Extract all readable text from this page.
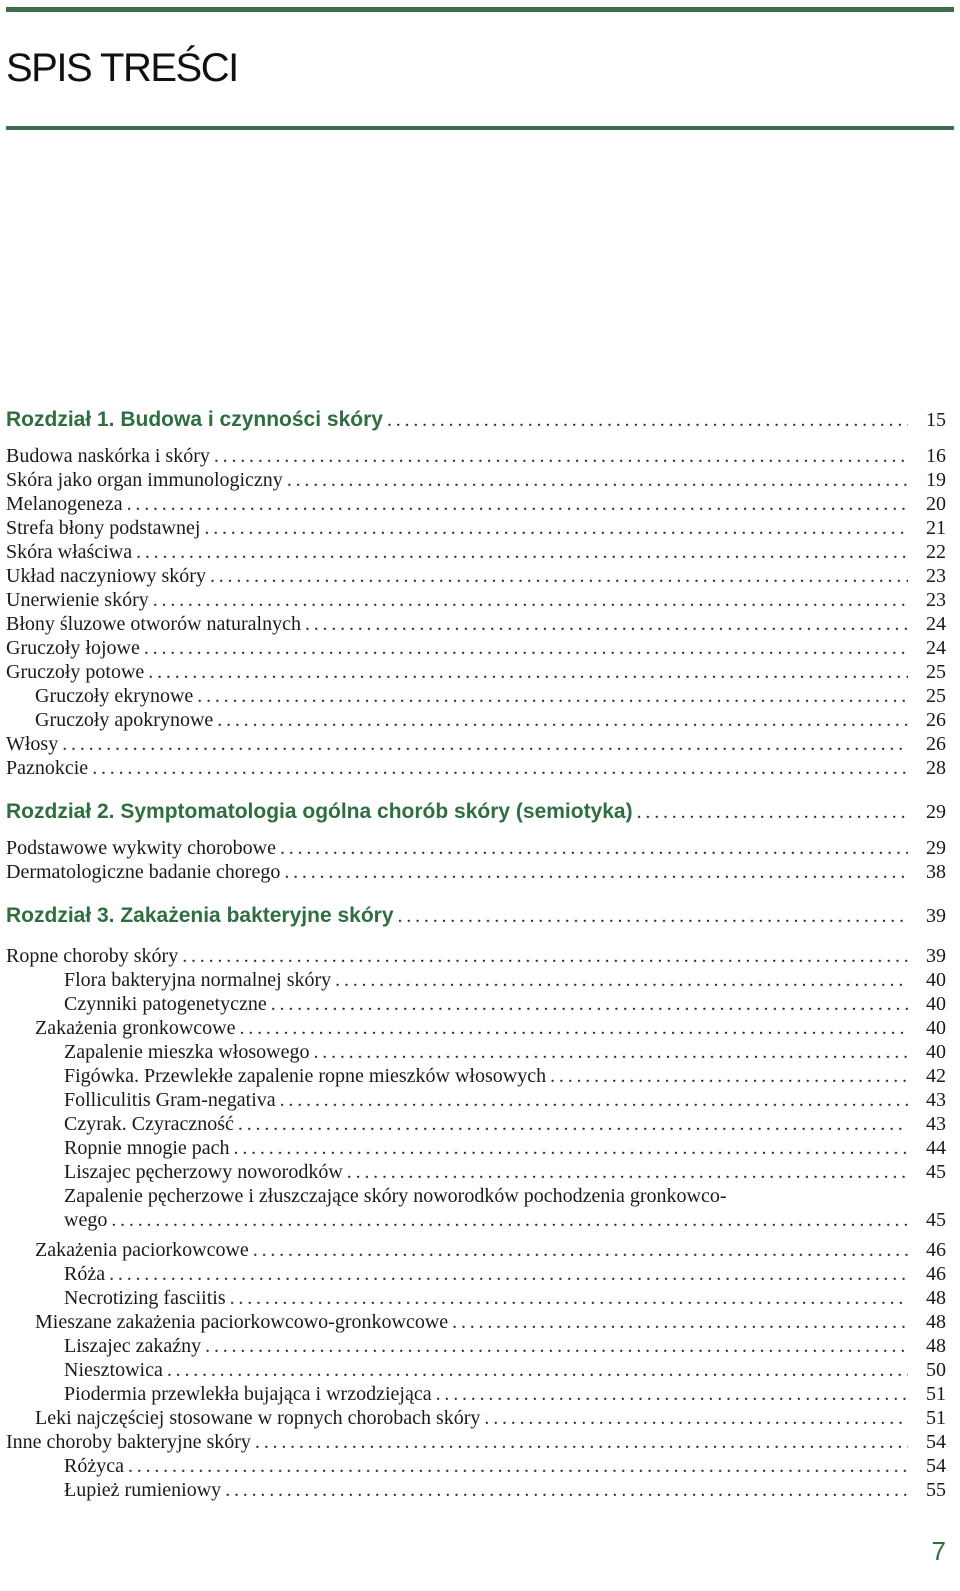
SPIS TREŚCI
Rozdział 1. Budowa i czynności skóry . . .	15
Budowa naskórka i skóry . . .	16
Skóra jako organ immunologiczny . . .	19
Melanogeneza . . .	20
Strefa błony podstawnej . . .	21
Skóra właściwa . . .	22
Układ naczyniowy skóry . . .	23
Unerwienie skóry . . .	23
Błony śluzowe otworów naturalnych . . .	24
Gruczoły łojowe . . .	24
Gruczoły potowe . . .	25
Gruczoły ekrynowe . . .	25
Gruczoły apokrynowe . . .	26
Włosy . . .	26
Paznokcie . . .	28
Rozdział 2. Symptomatologia ogólna chorób skóry (semiotyka) . . .	29
Podstawowe wykwity chorobowe . . .	29
Dermatologiczne badanie chorego . . .	38
Rozdział 3. Zakażenia bakteryjne skóry . . .	39
Ropne choroby skóry . . .	39
Flora bakteryjna normalnej skóry . . .	40
Czynniki patogenetyczne . . .	40
Zakażenia gronkowcowe . . .	40
Zapalenie mieszka włosowego . . .	40
Figówka. Przewlekłe zapalenie ropne mieszków włosowych . . .	42
Folliculitis Gram-negativa . . .	43
Czyrak. Czyraczność . . .	43
Ropnie mnogie pach . . .	44
Liszajec pęcherzowy noworodków . . .	45
Zapalenie pęcherzowe i złuszczające skóry noworodków pochodzenia gronkowco-
wego . . .	45
Zakażenia paciorkowcowe . . .	46
Róża . . .	46
Necrotizing fasciitis . . .	48
Mieszane zakażenia paciorkowcowo-gronkowcowe . . .	48
Liszajec zakaźny . . .	48
Niesztowica . . .	50
Piodermia przewlekła bujająca i wrzodziejąca . . .	51
Leki najczęściej stosowane w ropnych chorobach skóry . . .	51
Inne choroby bakteryjne skóry . . .	54
Różyca . . .	54
Łupież rumieniowy . . .	55
7
